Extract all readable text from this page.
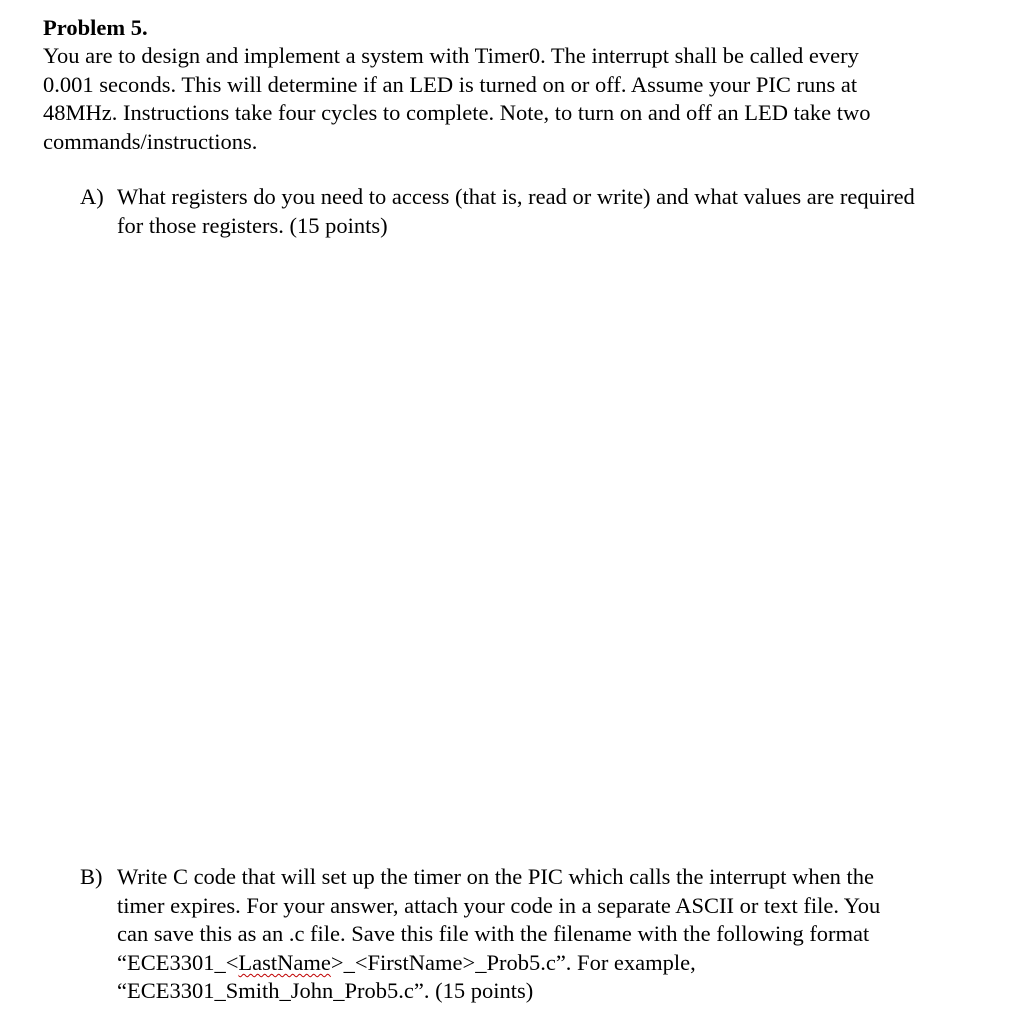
Problem 5.
You are to design and implement a system with Timer0. The interrupt shall be called every
0.001 seconds. This will determine if an LED is turned on or off. Assume your PIC runs at
48MHz. Instructions take four cycles to complete. Note, to turn on and off an LED take two
commands/instructions.
A) What registers do you need to access (that is, read or write) and what values are required
for those registers. (15 points)
B) Write C code that will set up the timer on the PIC which calls the interrupt when the
timer expires. For your answer, attach your code in a separate ASCII or text file. You
can save this as an .c file. Save this file with the filename with the following format
“ECE3301_<LastName>_<FirstName>_Prob5.c”. For example,
“ECE3301_Smith_John_Prob5.c”. (15 points)
